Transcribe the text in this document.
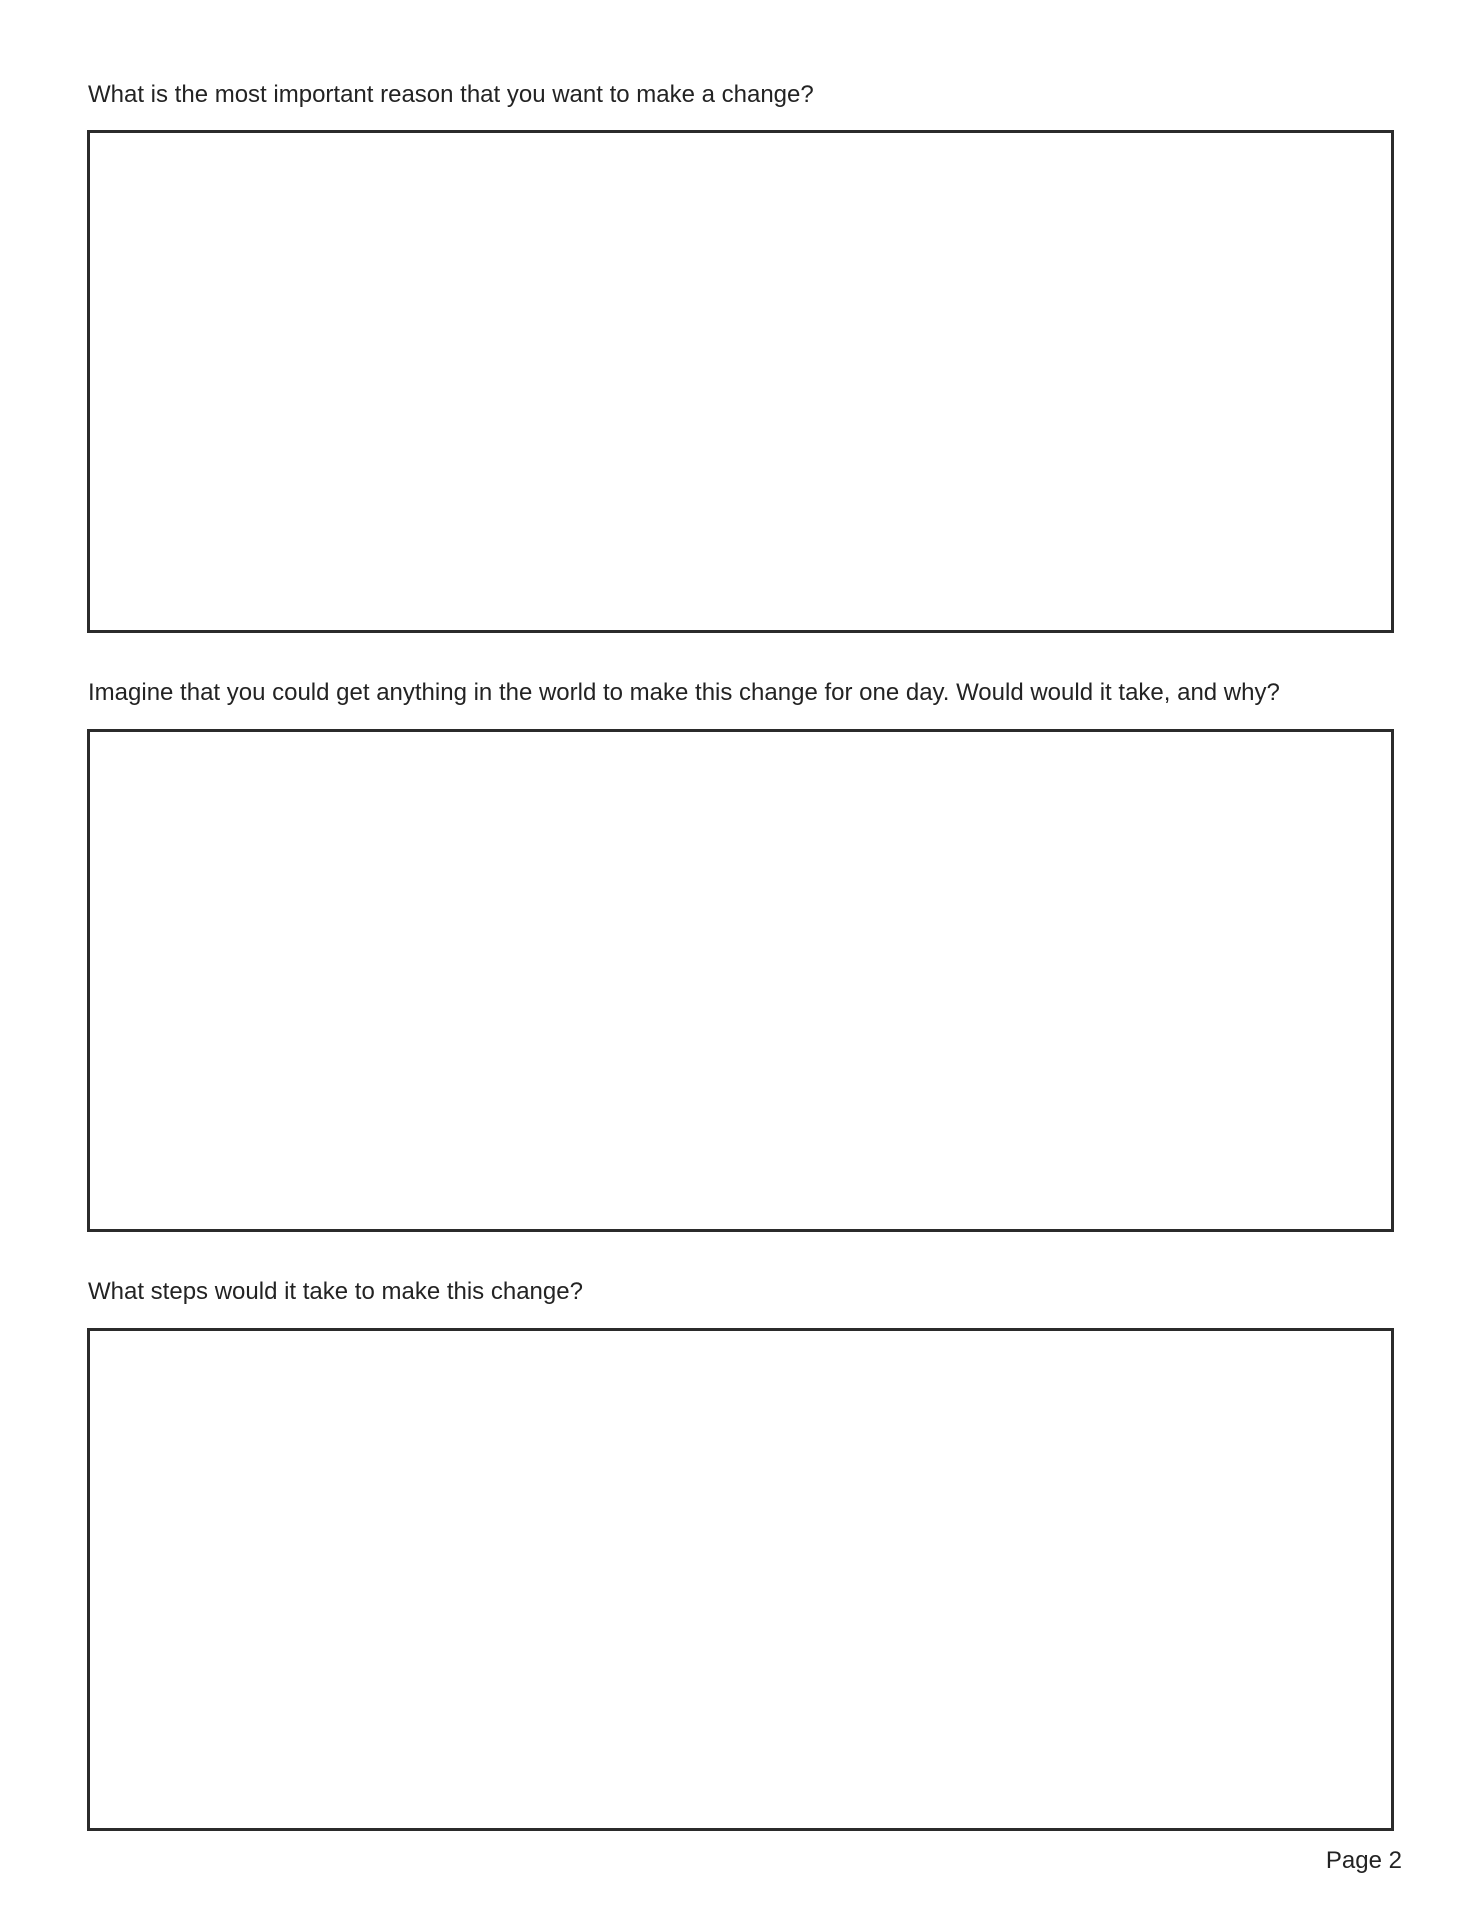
What is the most important reason that you want to make a change?
Imagine that you could get anything in the world to make this change for one day. Would would it take, and why?
What steps would it take to make this change?
Page 2
